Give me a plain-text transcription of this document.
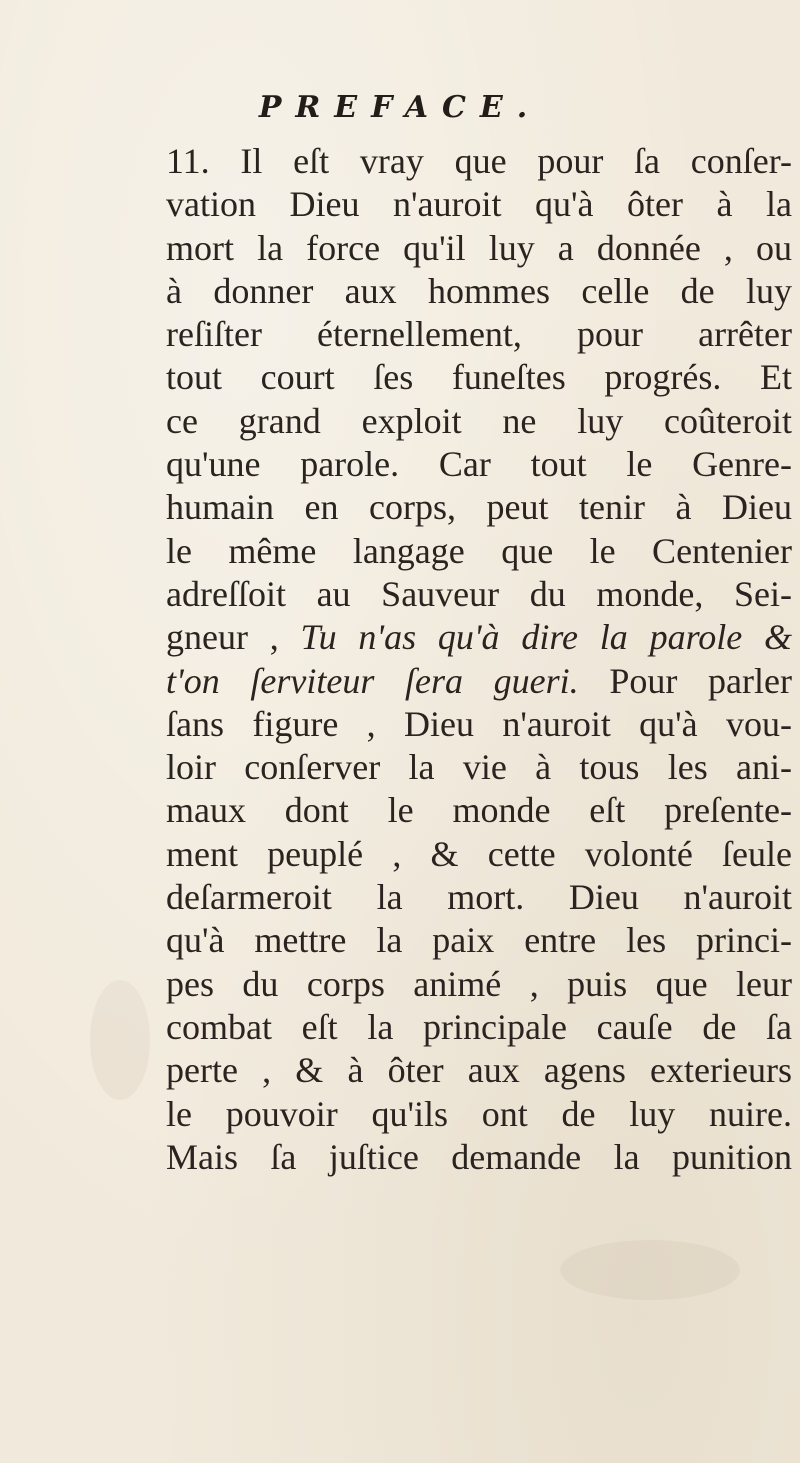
PREFACE.
11. Il eſt vray que pour ſa conſer-
vation Dieu n'auroit qu'à ôter à la
mort la force qu'il luy a donnée , ou
à donner aux hommes celle de luy
reſiſter éternellement, pour arrêter
tout court ſes funeſtes progrés. Et
ce grand exploit ne luy coûteroit
qu'une parole. Car tout le Genre-
humain en corps, peut tenir à Dieu
le même langage que le Centenier
adreſſoit au Sauveur du monde, Sei-
gneur , Tu n'as qu'à dire la parole &
t'on ſerviteur ſera gueri. Pour parler
ſans figure , Dieu n'auroit qu'à vou-
loir conſerver la vie à tous les ani-
maux dont le monde eſt preſente-
ment peuplé , & cette volonté ſeule
deſarmeroit la mort. Dieu n'auroit
qu'à mettre la paix entre les princi-
pes du corps animé , puis que leur
combat eſt la principale cauſe de ſa
perte , & à ôter aux agens exterieurs
le pouvoir qu'ils ont de luy nuire.
Mais ſa juſtice demande la punition
